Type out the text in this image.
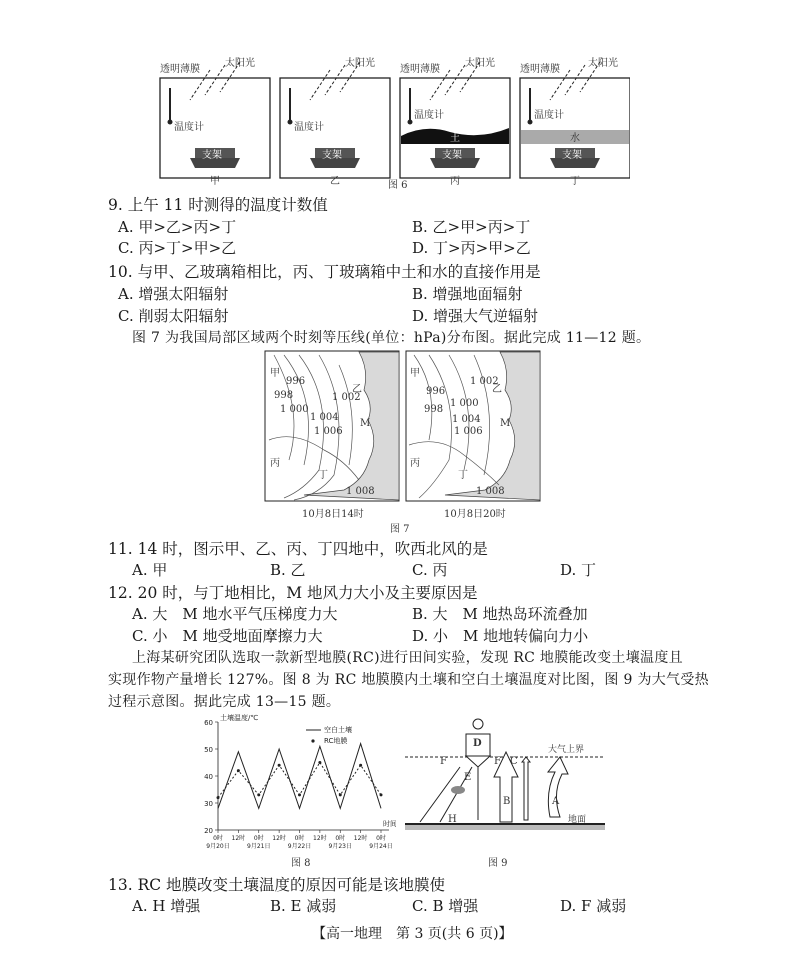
透明薄膜
太阳光
温度计
支架
甲
太阳光
温度计
支架
乙
透明薄膜
太阳光
温度计
土
支架
丙
透明薄膜
太阳光
温度计
水
支架
丁
图 6
9. 上午 11 时测得的温度计数值
A. 甲>乙>丙>丁	B. 乙>甲>丙>丁
C. 丙>丁>甲>乙	D. 丁>丙>甲>乙
10. 与甲、乙玻璃箱相比，丙、丁玻璃箱中土和水的直接作用是
A. 增强太阳辐射	B. 增强地面辐射
C. 削弱太阳辐射	D. 增强大气逆辐射
图 7 为我国局部区域两个时刻等压线(单位：hPa)分布图。据此完成 11—12 题。
甲
996
998
1 000
1 002
1 004
1 006
乙
M
丙
丁
1 008
10月8日14时
甲
996
998
1 000
1 002
1 004
1 006
乙
M
丙
丁
1 008
10月8日20时
图 7
11. 14 时，图示甲、乙、丙、丁四地中，吹西北风的是
A. 甲	B. 乙	C. 丙	D. 丁
12. 20 时，与丁地相比，M 地风力大小及主要原因是
A. 大　M 地水平气压梯度力大	B. 大　M 地热岛环流叠加
C. 小　M 地受地面摩擦力大	D. 小　M 地地转偏向力小
上海某研究团队选取一款新型地膜(RC)进行田间实验，发现 RC 地膜能改变土壤温度且
实现作物产量增长 127%。图 8 为 RC 地膜膜内土壤和空白土壤温度对比图，图 9 为大气受热
过程示意图。据此完成 13—15 题。
60
50
40
30
20
土壤温度/℃
0时 12时 0时 12时 0时 12时 0时 12时 0时
9月20日	9月21日	9月22日	9月23日	9月24日
时间
空白土壤
RC地膜
图 8
D
E
F	F C
B	A
H
大气上界
地面
图 9
13. RC 地膜改变土壤温度的原因可能是该地膜使
A. H 增强	B. E 减弱	C. B 增强	D. F 减弱
【高一地理　第 3 页(共 6 页)】
